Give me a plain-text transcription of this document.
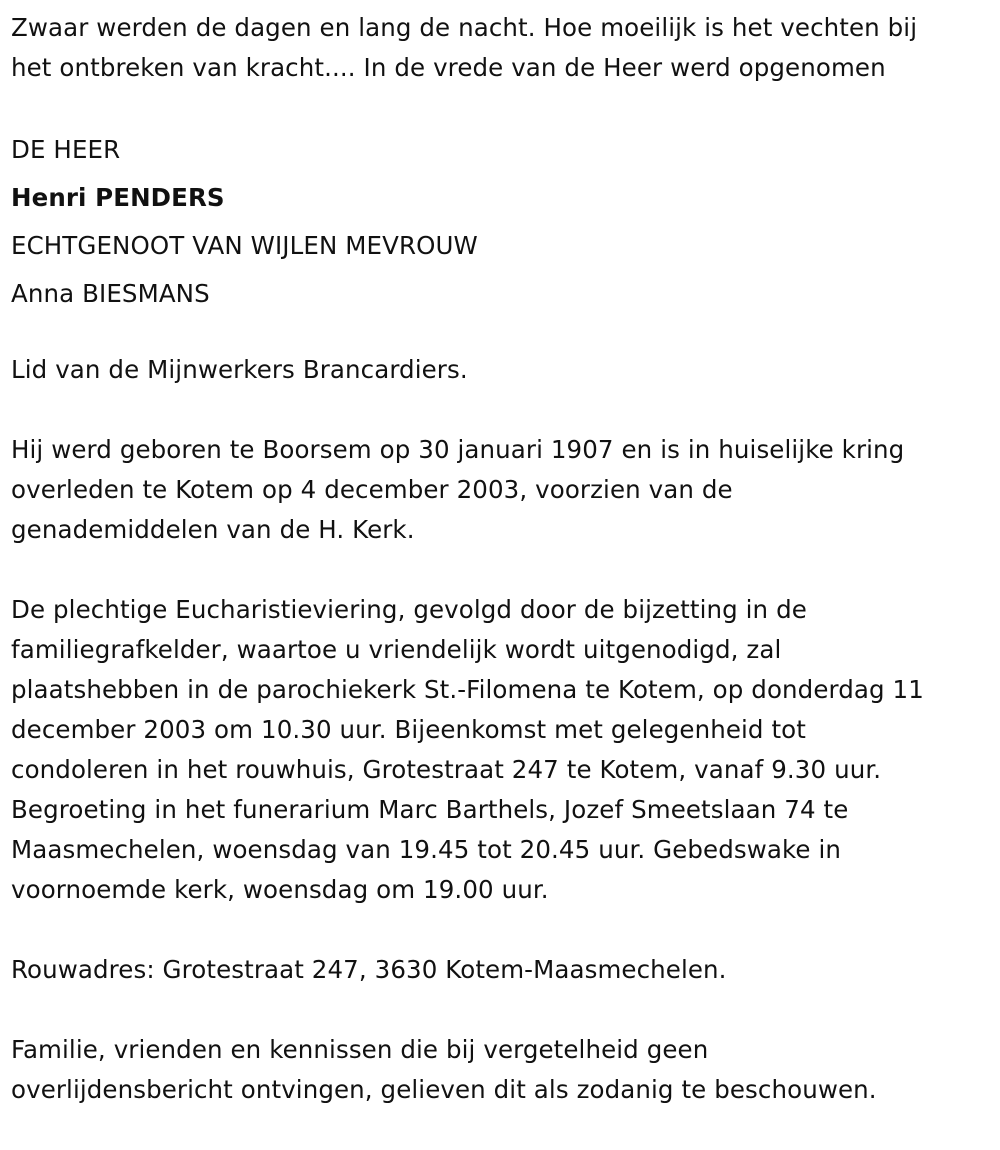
Zwaar werden de dagen en lang de nacht. Hoe moeilijk is het vechten bij
het ontbreken van kracht.... In de vrede van de Heer werd opgenomen
DE HEER
Henri PENDERS
ECHTGENOOT VAN WIJLEN MEVROUW
Anna BIESMANS
Lid van de Mijnwerkers Brancardiers.
Hij werd geboren te Boorsem op 30 januari 1907 en is in huiselijke kring
overleden te Kotem op 4 december 2003, voorzien van de
genademiddelen van de H. Kerk.
De plechtige Eucharistieviering, gevolgd door de bijzetting in de
familiegrafkelder, waartoe u vriendelijk wordt uitgenodigd, zal
plaatshebben in de parochiekerk St.-Filomena te Kotem, op donderdag 11
december 2003 om 10.30 uur. Bijeenkomst met gelegenheid tot
condoleren in het rouwhuis, Grotestraat 247 te Kotem, vanaf 9.30 uur.
Begroeting in het funerarium Marc Barthels, Jozef Smeetslaan 74 te
Maasmechelen, woensdag van 19.45 tot 20.45 uur. Gebedswake in
voornoemde kerk, woensdag om 19.00 uur.
Rouwadres: Grotestraat 247, 3630 Kotem-Maasmechelen.
Familie, vrienden en kennissen die bij vergetelheid geen
overlijdensbericht ontvingen, gelieven dit als zodanig te beschouwen.
